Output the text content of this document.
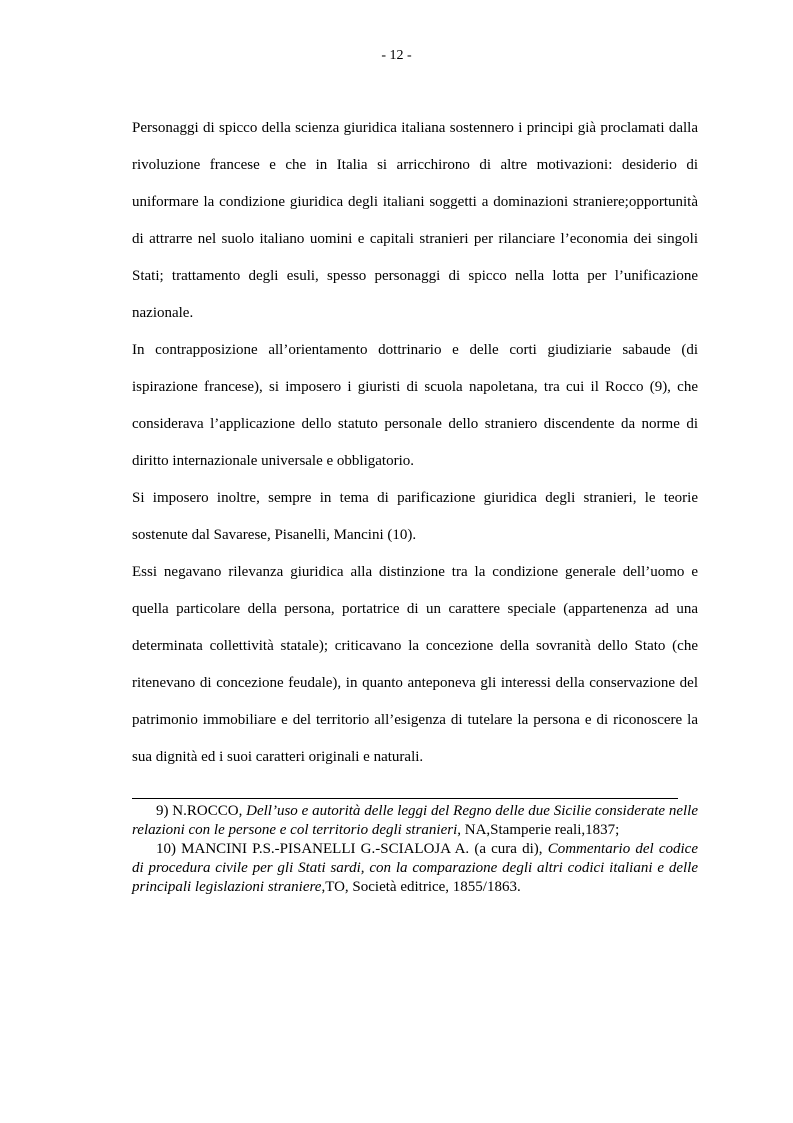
- 12 -

Personaggi di spicco della scienza giuridica italiana sostennero i principi già proclamati dalla rivoluzione francese e che in Italia si arricchirono di altre motivazioni: desiderio di uniformare la condizione giuridica degli italiani soggetti a dominazioni straniere;opportunità di attrarre nel suolo italiano uomini e capitali stranieri per rilanciare l’economia dei singoli Stati; trattamento degli esuli, spesso personaggi di spicco nella lotta per l’unificazione nazionale.

In contrapposizione all’orientamento dottrinario e delle corti giudiziarie sabaude (di ispirazione francese), si imposero i giuristi di scuola napoletana, tra cui il Rocco (9), che considerava l’applicazione dello statuto personale dello straniero discendente da norme di diritto internazionale universale e obbligatorio.

Si imposero inoltre, sempre in tema di parificazione giuridica degli stranieri, le teorie sostenute dal Savarese, Pisanelli, Mancini (10).

Essi negavano rilevanza giuridica alla distinzione tra la condizione generale dell’uomo e quella particolare della persona, portatrice di un carattere speciale (appartenenza ad una determinata collettività statale); criticavano la concezione della sovranità dello Stato (che ritenevano di concezione feudale), in quanto anteponeva gli interessi della conservazione del patrimonio immobiliare e del territorio all’esigenza di tutelare la persona e di riconoscere la sua dignità ed i suoi caratteri originali e naturali.

9) N.ROCCO, Dell’uso e autorità delle leggi del Regno delle due Sicilie considerate nelle relazioni con le persone e col territorio degli stranieri, NA,Stamperie reali,1837;

10) MANCINI P.S.-PISANELLI G.-SCIALOJA A. (a cura di), Commentario del codice di procedura civile per gli Stati sardi, con la comparazione degli altri codici italiani e delle principali legislazioni straniere,TO, Società editrice, 1855/1863.
